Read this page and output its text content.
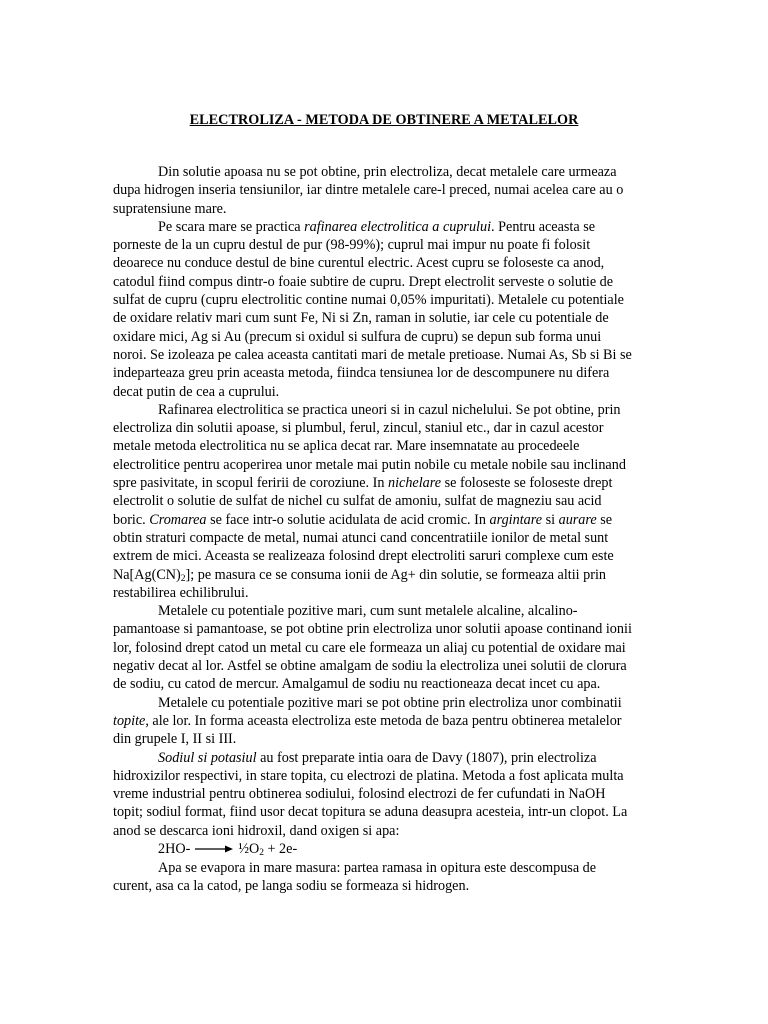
ELECTROLIZA - METODA DE OBTINERE A METALELOR

Din solutie apoasa nu se pot obtine, prin electroliza, decat metalele care urmeaza dupa hidrogen inseria tensiunilor, iar dintre metalele care-l preced, numai acelea care au o supratensiune mare.

Pe scara mare se practica rafinarea electrolitica a cuprului. Pentru aceasta se porneste de la un cupru destul de pur (98-99%); cuprul mai impur nu poate fi folosit deoarece nu conduce destul de bine curentul electric. Acest cupru se foloseste ca anod, catodul fiind compus dintr-o foaie subtire de cupru. Drept electrolit serveste o solutie de sulfat de cupru (cupru electrolitic contine numai 0,05% impuritati). Metalele cu potentiale de oxidare relativ mari cum sunt Fe, Ni si Zn, raman in solutie, iar cele cu potentiale de oxidare mici, Ag si Au (precum si oxidul si sulfura de cupru) se depun sub forma unui noroi. Se izoleaza pe calea aceasta cantitati mari de metale pretioase. Numai As, Sb si Bi se indeparteaza greu prin aceasta metoda, fiindca tensiunea lor de descompunere nu difera decat putin de cea a cuprului.

Rafinarea electrolitica se practica uneori si in cazul nichelului. Se pot obtine, prin electroliza din solutii apoase, si plumbul, ferul, zincul, staniul etc., dar in cazul acestor metale metoda electrolitica nu se aplica decat rar. Mare insemnatate au procedeele electrolitice pentru acoperirea unor metale mai putin nobile cu metale nobile sau inclinand spre pasivitate, in scopul feririi de coroziune. In nichelare se foloseste se foloseste drept electrolit o solutie de sulfat de nichel cu sulfat de amoniu, sulfat de magneziu sau acid boric. Cromarea se face intr-o solutie acidulata de acid cromic. In argintare si aurare se obtin straturi compacte de metal, numai atunci cand concentratiile ionilor de metal sunt extrem de mici. Aceasta se realizeaza folosind drept electroliti saruri complexe cum este $Na[Ag(CN)_2]$; pe masura ce se consuma ionii de Ag+ din solutie, se formeaza altii prin restabilirea echilibrului.

Metalele cu potentiale pozitive mari, cum sunt metalele alcaline, alcalino-pamantoase si pamantoase, se pot obtine prin electroliza unor solutii apoase continand ionii lor, folosind drept catod un metal cu care ele formeaza un aliaj cu potential de oxidare mai negativ decat al lor. Astfel se obtine amalgam de sodiu la electroliza unei solutii de clorura de sodiu, cu catod de mercur. Amalgamul de sodiu nu reactioneaza decat incet cu apa.

Metalele cu potentiale pozitive mari se pot obtine prin electroliza unor combinatii topite, ale lor. In forma aceasta electroliza este metoda de baza pentru obtinerea metalelor din grupele I, II si III.

Sodiul si potasiul au fost preparate intia oara de Davy (1807), prin electroliza hidroxizilor respectivi, in stare topita, cu electrozi de platina. Metoda a fost aplicata multa vreme industrial pentru obtinerea sodiului, folosind electrozi de fer cufundati in NaOH topit; sodiul format, fiind usor decat topitura se aduna deasupra acesteia, intr-un clopot. La anod se descarca ioni hidroxil, dand oxigen si apa:

$2HO- \to \frac{1}{2}O_2 + 2e-$

Apa se evapora in mare masura: partea ramasa in opitura este descompusa de curent, asa ca la catod, pe langa sodiu se formeaza si hidrogen.
